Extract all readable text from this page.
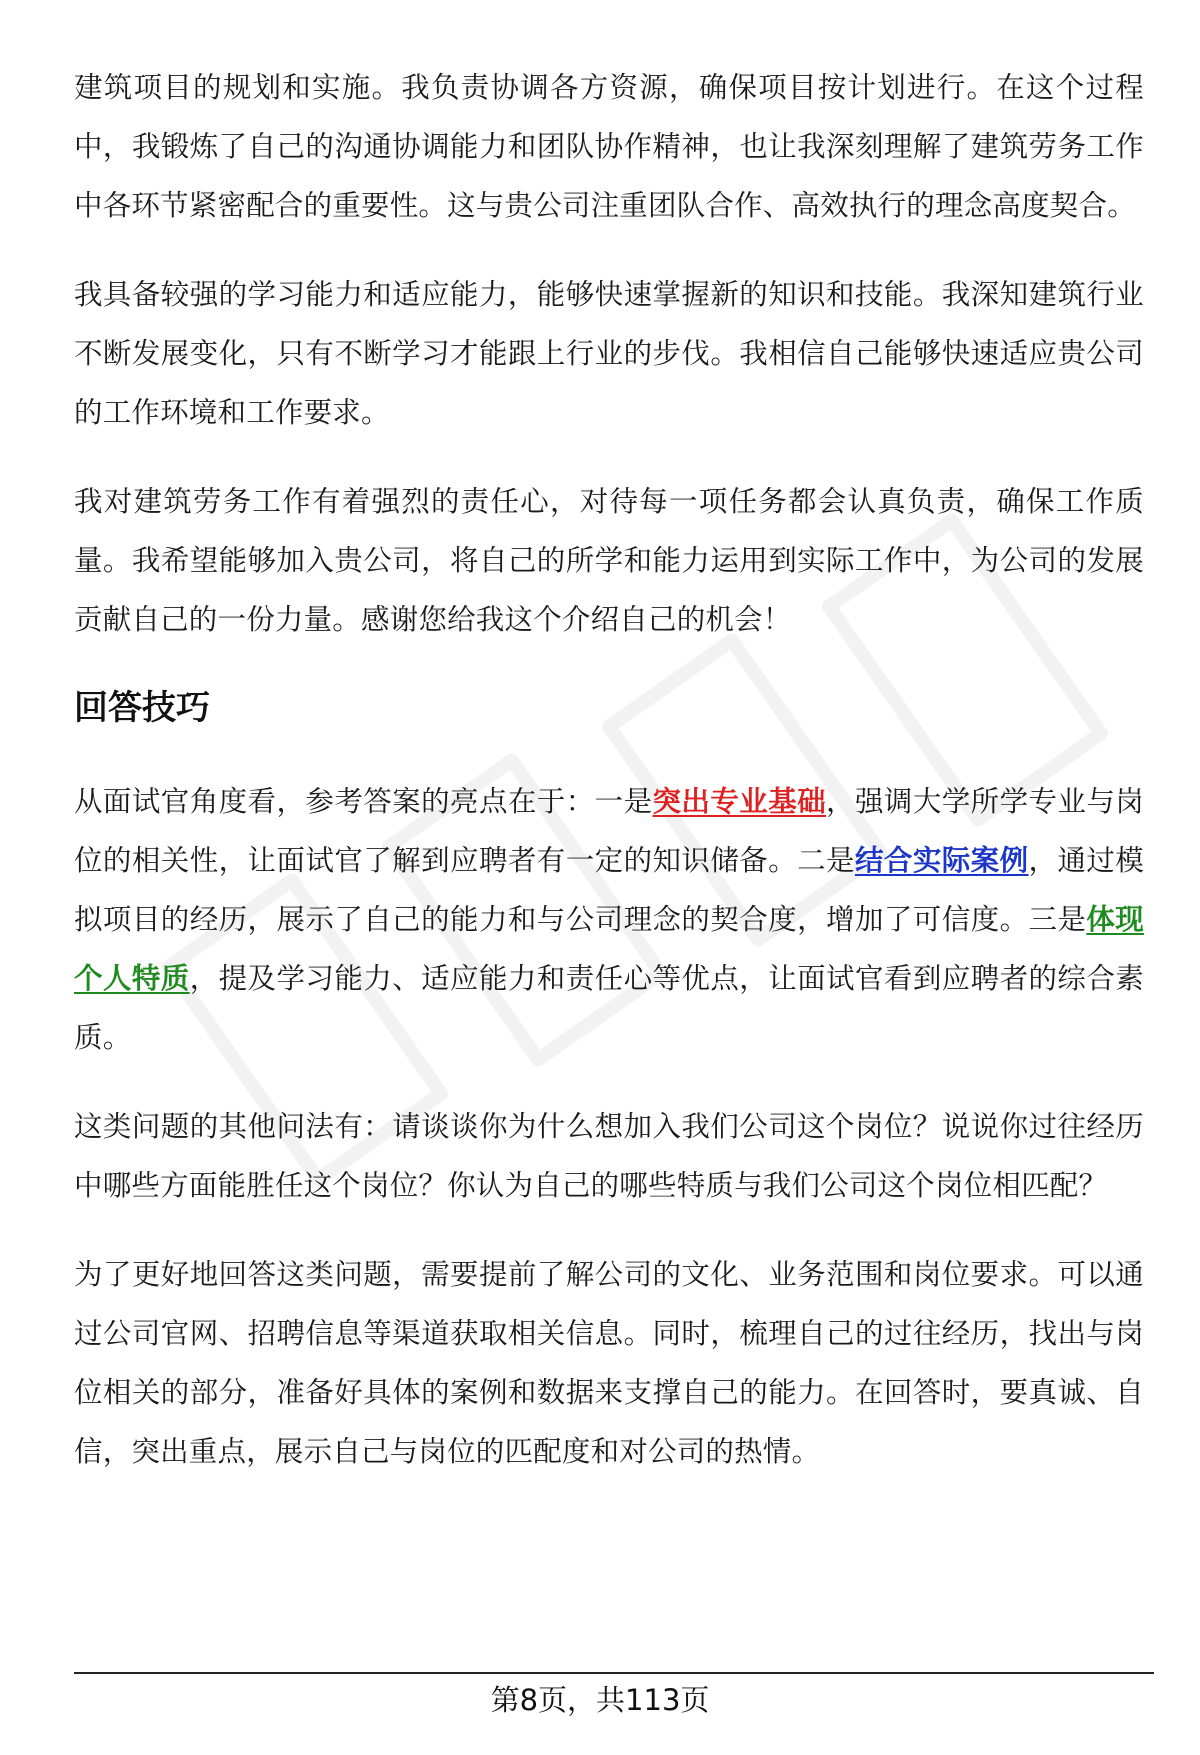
建筑项目的规划和实施。我负责协调各方资源，确保项目按计划进行。在这个过程中，我锻炼了自己的沟通协调能力和团队协作精神，也让我深刻理解了建筑劳务工作中各环节紧密配合的重要性。这与贵公司注重团队合作、高效执行的理念高度契合。

我具备较强的学习能力和适应能力，能够快速掌握新的知识和技能。我深知建筑行业不断发展变化，只有不断学习才能跟上行业的步伐。我相信自己能够快速适应贵公司的工作环境和工作要求。

我对建筑劳务工作有着强烈的责任心，对待每一项任务都会认真负责，确保工作质量。我希望能够加入贵公司，将自己的所学和能力运用到实际工作中，为公司的发展贡献自己的一份力量。感谢您给我这个介绍自己的机会！

回答技巧

从面试官角度看，参考答案的亮点在于：一是突出专业基础，强调大学所学专业与岗位的相关性，让面试官了解到应聘者有一定的知识储备。二是结合实际案例，通过模拟项目的经历，展示了自己的能力和与公司理念的契合度，增加了可信度。三是体现个人特质，提及学习能力、适应能力和责任心等优点，让面试官看到应聘者的综合素质。

这类问题的其他问法有：请谈谈你为什么想加入我们公司这个岗位？说说你过往经历中哪些方面能胜任这个岗位？你认为自己的哪些特质与我们公司这个岗位相匹配？

为了更好地回答这类问题，需要提前了解公司的文化、业务范围和岗位要求。可以通过公司官网、招聘信息等渠道获取相关信息。同时，梳理自己的过往经历，找出与岗位相关的部分，准备好具体的案例和数据来支撑自己的能力。在回答时，要真诚、自信，突出重点，展示自己与岗位的匹配度和对公司的热情。

第8页，共113页
